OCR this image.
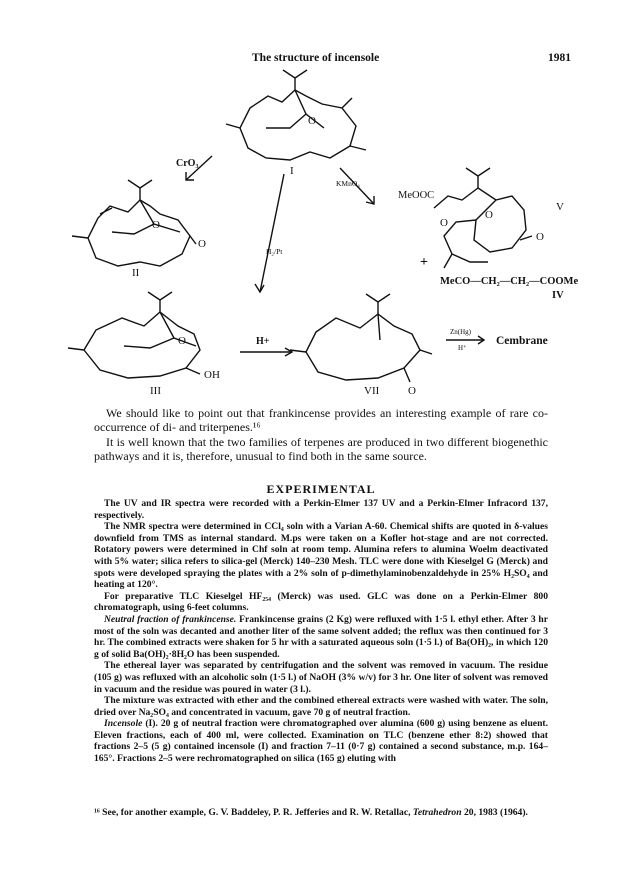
The structure of incensole	1981
O
I
CrO₃
O
O
II
H₂/Pt
KMnO₄
MeOOC
O
O
O
V
+
MeCO—CH₂—CH₂—COOMe
IV
O
OH
III
H+
O
VII
Zn(Hg)
H⁺
Cembrane

We should like to point out that frankincense provides an interesting example of rare co-occurrence of di- and triterpenes.¹⁶

It is well known that the two families of terpenes are produced in two different biogenethic pathways and it is, therefore, unusual to find both in the same source.

EXPERIMENTAL

The UV and IR spectra were recorded with a Perkin-Elmer 137 UV and a Perkin-Elmer Infracord 137, respectively.

The NMR spectra were determined in CCl₄ soln with a Varian A-60. Chemical shifts are quoted in δ-values downfield from TMS as internal standard. M.ps were taken on a Kofler hot-stage and are not corrected. Rotatory powers were determined in Chf soln at room temp. Alumina refers to alumina Woelm deactivated with 5% water; silica refers to silica-gel (Merck) 140–230 Mesh. TLC were done with Kieselgel G (Merck) and spots were developed spraying the plates with a 2% soln of p-dimethylaminobenzaldehyde in 25% H₂SO₄ and heating at 120°.

For preparative TLC Kieselgel HF₂₅₄ (Merck) was used. GLC was done on a Perkin-Elmer 800 chromatograph, using 6-feet columns.

Neutral fraction of frankincense. Frankincense grains (2 Kg) were refluxed with 1·5 l. ethyl ether. After 3 hr most of the soln was decanted and another liter of the same solvent added; the reflux was then continued for 3 hr. The combined extracts were shaken for 5 hr with a saturated aqueous soln (1·5 l.) of Ba(OH)₂, in which 120 g of solid Ba(OH)₂·8H₂O has been suspended.

The ethereal layer was separated by centrifugation and the solvent was removed in vacuum. The residue (105 g) was refluxed with an alcoholic soln (1·5 l.) of NaOH (3% w/v) for 3 hr. One liter of solvent was removed in vacuum and the residue was poured in water (3 l.).

The mixture was extracted with ether and the combined ethereal extracts were washed with water. The soln, dried over Na₂SO₄ and concentrated in vacuum, gave 70 g of neutral fraction.

Incensole (I). 20 g of neutral fraction were chromatographed over alumina (600 g) using benzene as eluent. Eleven fractions, each of 400 ml, were collected. Examination on TLC (benzene ether 8:2) showed that fractions 2–5 (5 g) contained incensole (I) and fraction 7–11 (0·7 g) contained a second substance, m.p. 164–165°. Fractions 2–5 were rechromatographed on silica (165 g) eluting with

¹⁶ See, for another example, G. V. Baddeley, P. R. Jefferies and R. W. Retallac, Tetrahedron 20, 1983 (1964).
